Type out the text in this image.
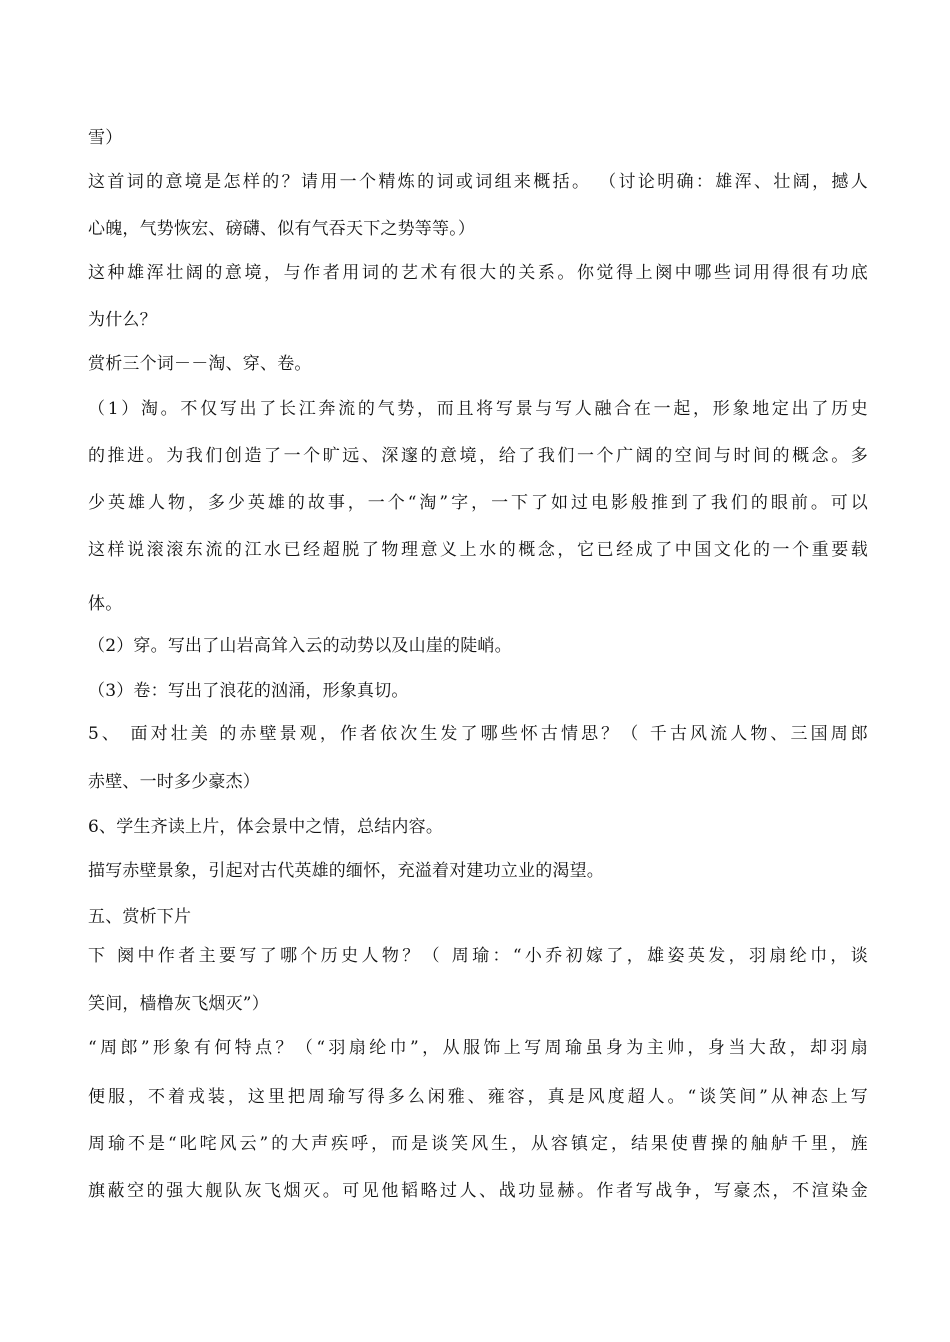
雪）
这首词的意境是怎样的？请用一个精炼的词或词组来概括。 （讨论明确：雄浑、壮阔，撼人
心魄，气势恢宏、磅礴、似有气吞天下之势等等。）
这种雄浑壮阔的意境，与作者用词的艺术有很大的关系。你觉得上阕中哪些词用得很有功底
为什么？
赏析三个词－－淘、穿、卷。
（1）淘。不仅写出了长江奔流的气势，而且将写景与写人融合在一起，形象地定出了历史
的推进。为我们创造了一个旷远、深邃的意境，给了我们一个广阔的空间与时间的概念。多
少英雄人物，多少英雄的故事，一个“淘”字，一下了如过电影般推到了我们的眼前。可以
这样说滚滚东流的江水已经超脱了物理意义上水的概念，它已经成了中国文化的一个重要载
体。
（2）穿。写出了山岩高耸入云的动势以及山崖的陡峭。
（3）卷：写出了浪花的汹涌，形象真切。
5、 面对壮美 的赤壁景观，作者依次生发了哪些怀古情思？（ 千古风流人物、三国周郎
赤壁、一时多少豪杰）
6、学生齐读上片，体会景中之情，总结内容。
描写赤壁景象，引起对古代英雄的缅怀，充溢着对建功立业的渴望。
五、赏析下片
下 阕中作者主要写了哪个历史人物？（ 周瑜：“小乔初嫁了，雄姿英发，羽扇纶巾，谈
笑间，樯橹灰飞烟灭”）
“周郎”形象有何特点？（“羽扇纶巾”，从服饰上写周瑜虽身为主帅，身当大敌，却羽扇
便服，不着戎装，这里把周瑜写得多么闲雅、雍容，真是风度超人。“谈笑间”从神态上写
周瑜不是“叱咤风云”的大声疾呼，而是谈笑风生，从容镇定，结果使曹操的舳舻千里，旌
旗蔽空的强大舰队灰飞烟灭。可见他韬略过人、战功显赫。作者写战争，写豪杰，不渲染金
